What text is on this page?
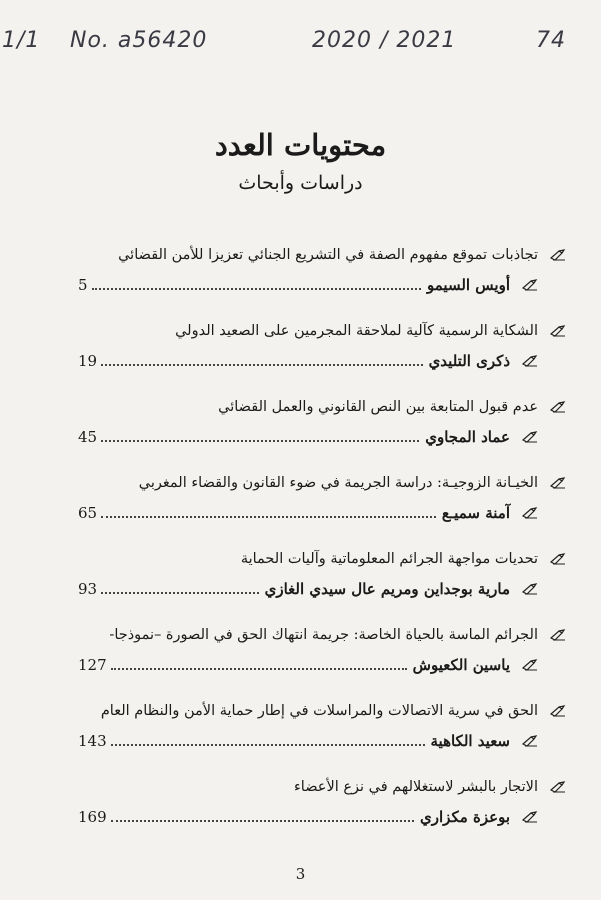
1/1 No. a56420	2020 / 2021	74
محتويات العدد
دراسات وأبحاث
تجاذبات تموقع مفهوم الصفة في التشريع الجنائي تعزيزا للأمن القضائي
أويس السيمو
5
الشكاية الرسمية كآلية لملاحقة المجرمين على الصعيد الدولي
ذكرى التليدي
19
عدم قبول المتابعة بين النص القانوني والعمل القضائي
عماد المجاوي
45
الخيـانة الزوجيـة: دراسة الجريمة في ضوء القانون والقضاء المغربي
آمنة سميـع
65
تحديات مواجهة الجرائم المعلوماتية وآليات الحماية
مارية بوجداين ومريم عال سيدي الغازي
93
الجرائم الماسة بالحياة الخاصة: جريمة انتهاك الحق في الصورة –نموذجا-
ياسين الكعيوش
127
الحق في سرية الاتصالات والمراسلات في إطار حماية الأمن والنظام العام
سعيد الكاهية
143
الاتجار بالبشر لاستغلالهم في نزع الأعضاء
بوعزة مكزاري
169
3
